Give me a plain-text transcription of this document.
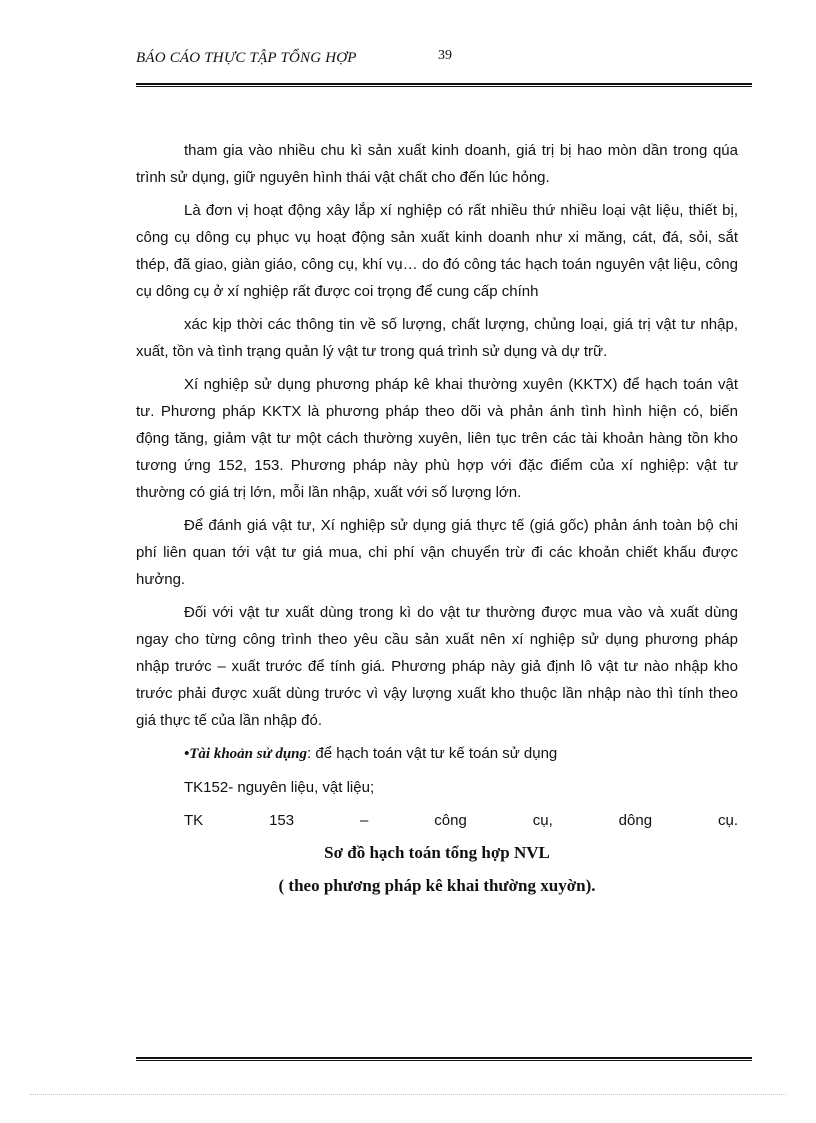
BÁO CÁO THỰC TẬP TỔNG HỢP	39

tham gia vào nhiều chu kì sản xuất kinh doanh, giá trị bị hao mòn dần trong qúa trình sử dụng, giữ nguyên hình thái vật chất cho đến lúc hỏng.

Là đơn vị hoạt động xây lắp xí nghiệp có rất nhiều thứ nhiều loại vật liệu, thiết bị, công cụ dông cụ phục vụ hoạt động sản xuất kinh doanh như xi măng, cát, đá, sỏi, sắt thép, đã giao, giàn giáo, công cụ, khí vụ… do đó công tác hạch toán nguyên vật liệu, công cụ dông cụ ở xí nghiệp rất được coi trọng để cung cấp chính

xác kịp thời các thông tin về số lượng, chất lượng, chủng loại, giá trị vật tư nhập, xuất, tồn và tình trạng quản lý vật tư trong quá trình sử dụng và dự trữ.

Xí nghiệp sử dụng phương pháp kê khai thường xuyên (KKTX) để hạch toán vật tư. Phương pháp KKTX là phương pháp theo dõi và phản ánh tình hình hiện có, biến động tăng, giảm vật tư một cách thường xuyên, liên tục trên các tài khoản hàng tồn kho tương ứng 152, 153. Phương pháp này phù hợp với đặc điểm của xí nghiệp: vật tư thường có giá trị lớn, mỗi lần nhập, xuất với số lượng lớn.

Để đánh giá vật tư, Xí nghiệp sử dụng giá thực tế (giá gốc) phản ánh toàn bộ chi phí liên quan tới vật tư giá mua, chi phí vận chuyển trừ đi các khoản chiết khấu được hưởng.

Đối với vật tư xuất dùng trong kì do vật tư thường được mua vào và xuất dùng ngay cho từng công trình theo yêu cầu sản xuất nên xí nghiệp sử dụng phương pháp nhập trước – xuất trước để tính giá. Phương pháp này giả định lô vật tư nào nhập kho trước phải được xuất dùng trước vì vậy lượng xuất kho thuộc lần nhập nào thì tính theo giá thực tế của lần nhập đó.

•Tài khoản sử dụng: để hạch toán vật tư kế toán sử dụng

TK152- nguyên liệu, vật liệu;

TK 153 – công cụ, dông cụ.

Sơ đồ hạch toán tổng hợp NVL

( theo phương pháp kê khai thường xuyờn).
